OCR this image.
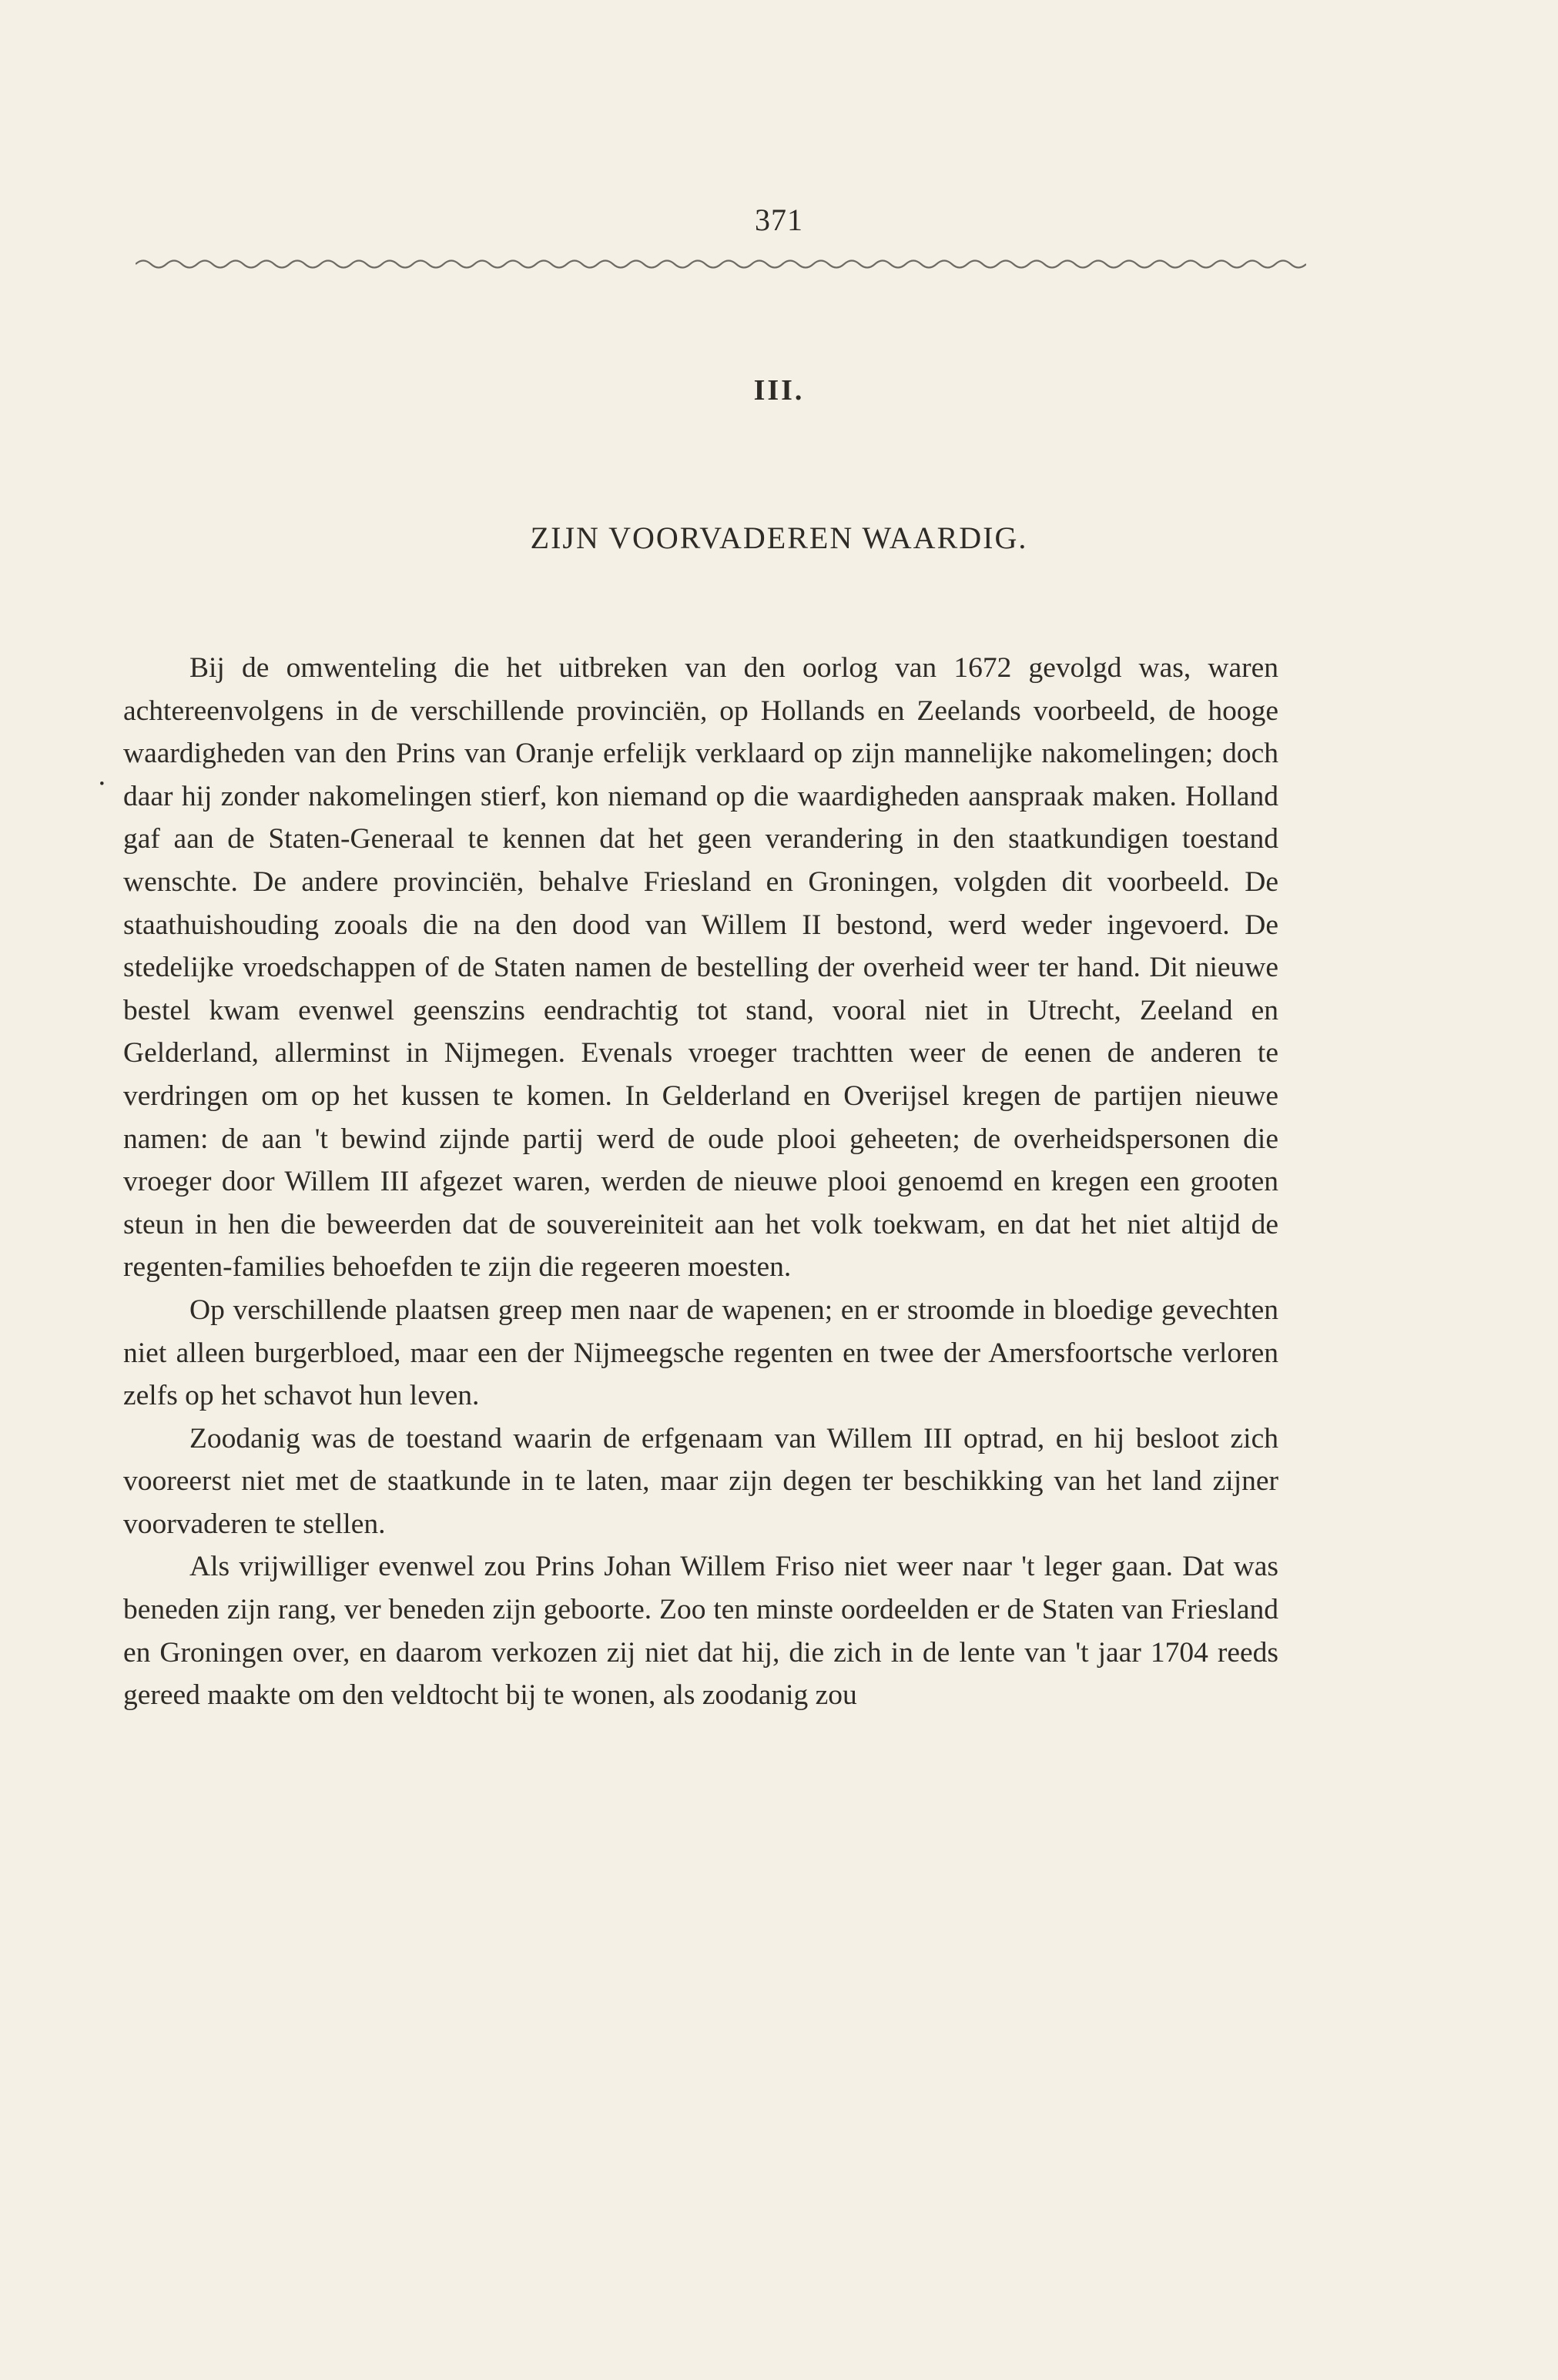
371
III.
ZIJN VOORVADEREN WAARDIG.
·

Bij de omwenteling die het uitbreken van den oorlog van 1672 gevolgd was, waren achtereenvolgens in de verschillende provinciën, op Hollands en Zeelands voorbeeld, de hooge waardigheden van den Prins van Oranje erfelijk verklaard op zijn mannelijke nakomelingen; doch daar hij zonder nakomelingen stierf, kon niemand op die waardigheden aanspraak maken. Holland gaf aan de Staten-Generaal te kennen dat het geen verandering in den staatkundigen toestand wenschte. De andere provinciën, behalve Friesland en Groningen, volgden dit voorbeeld. De staathuishouding zooals die na den dood van Willem II bestond, werd weder ingevoerd. De stedelijke vroedschappen of de Staten namen de bestelling der overheid weer ter hand. Dit nieuwe bestel kwam evenwel geenszins eendrachtig tot stand, vooral niet in Utrecht, Zeeland en Gelderland, allerminst in Nijmegen. Evenals vroeger trachtten weer de eenen de anderen te verdringen om op het kussen te komen. In Gelderland en Overijsel kregen de partijen nieuwe namen: de aan 't bewind zijnde partij werd de oude plooi geheeten; de overheidspersonen die vroeger door Willem III afgezet waren, werden de nieuwe plooi genoemd en kregen een grooten steun in hen die beweerden dat de souvereiniteit aan het volk toekwam, en dat het niet altijd de regenten-families behoefden te zijn die regeeren moesten.

Op verschillende plaatsen greep men naar de wapenen; en er stroomde in bloedige gevechten niet alleen burgerbloed, maar een der Nijmeegsche regenten en twee der Amersfoortsche verloren zelfs op het schavot hun leven.

Zoodanig was de toestand waarin de erfgenaam van Willem III optrad, en hij besloot zich vooreerst niet met de staatkunde in te laten, maar zijn degen ter beschikking van het land zijner voorvaderen te stellen.

Als vrijwilliger evenwel zou Prins Johan Willem Friso niet weer naar 't leger gaan. Dat was beneden zijn rang, ver beneden zijn geboorte. Zoo ten minste oordeelden er de Staten van Friesland en Groningen over, en daarom verkozen zij niet dat hij, die zich in de lente van 't jaar 1704 reeds gereed maakte om den veldtocht bij te wonen, als zoodanig zou
